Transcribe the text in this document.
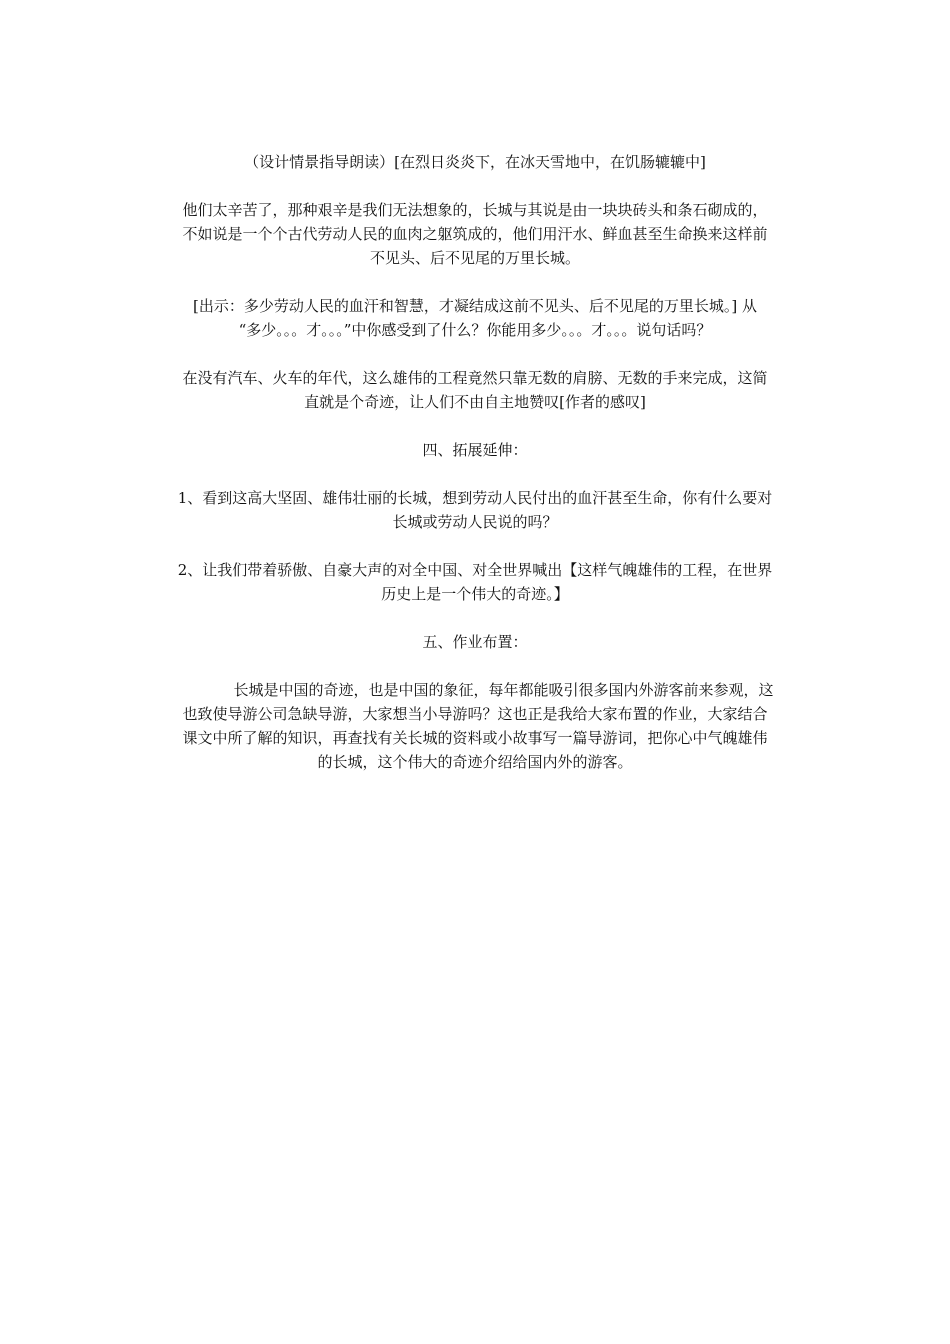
（设计情景指导朗读）[在烈日炎炎下，在冰天雪地中，在饥肠辘辘中]

他们太辛苦了，那种艰辛是我们无法想象的，长城与其说是由一块块砖头和条石砌成的，
不如说是一个个古代劳动人民的血肉之躯筑成的，他们用汗水、鲜血甚至生命换来这样前
不见头、后不见尾的万里长城。

[出示：多少劳动人民的血汗和智慧，才凝结成这前不见头、后不见尾的万里长城。] 从
“多少。。。才。。。”中你感受到了什么？你能用多少。。。才。。。说句话吗？

在没有汽车、火车的年代，这么雄伟的工程竟然只靠无数的肩膀、无数的手来完成，这简
直就是个奇迹，让人们不由自主地赞叹[作者的感叹]

四、拓展延伸：

1、看到这高大坚固、雄伟壮丽的长城，想到劳动人民付出的血汗甚至生命，你有什么要对
长城或劳动人民说的吗？

2、让我们带着骄傲、自豪大声的对全中国、对全世界喊出【这样气魄雄伟的工程，在世界
历史上是一个伟大的奇迹。】

五、作业布置：

长城是中国的奇迹，也是中国的象征，每年都能吸引很多国内外游客前来参观，这
也致使导游公司急缺导游，大家想当小导游吗？这也正是我给大家布置的作业，大家结合
课文中所了解的知识，再查找有关长城的资料或小故事写一篇导游词，把你心中气魄雄伟
的长城，这个伟大的奇迹介绍给国内外的游客。
